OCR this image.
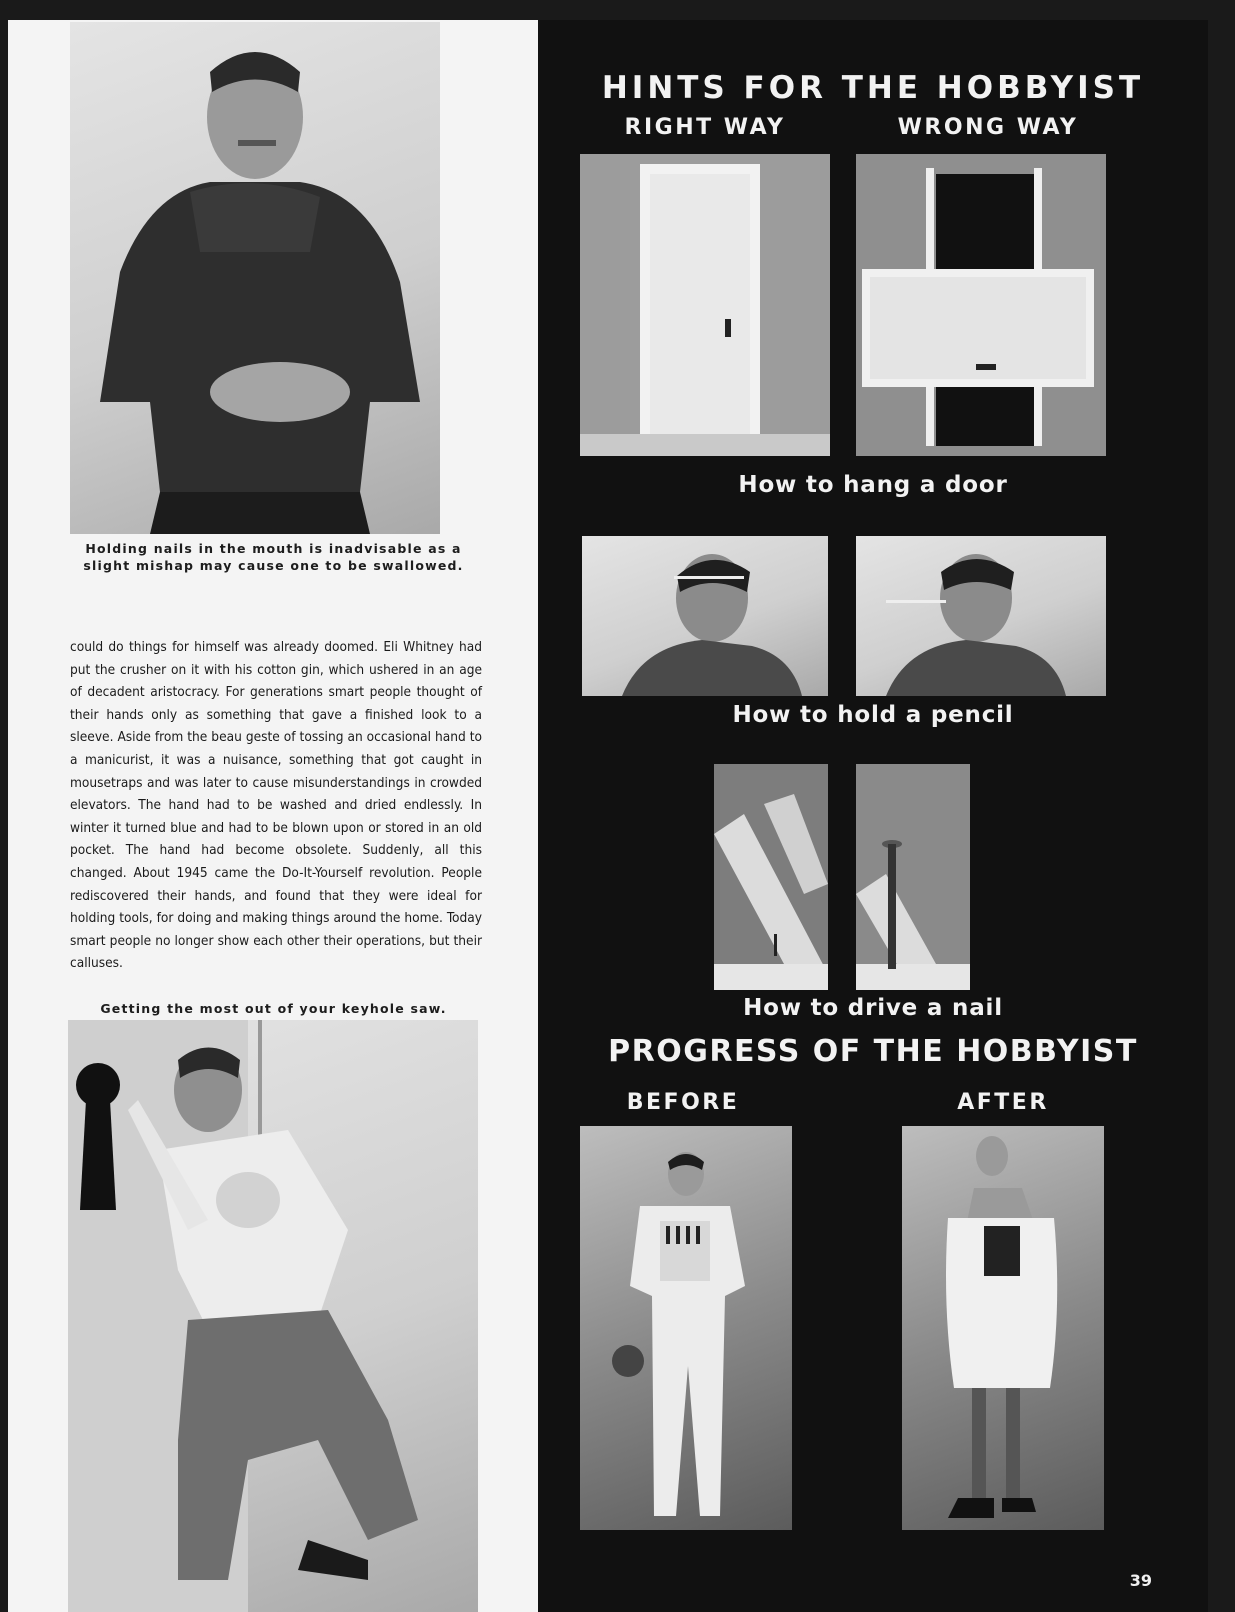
Holding nails in the mouth is inadvisable as a slight mishap may cause one to be swallowed.
could do things for himself was already doomed. Eli Whitney had put the crusher on it with his cotton gin, which ushered in an age of decadent aristocracy. For generations smart people thought of their hands only as something that gave a finished look to a sleeve. Aside from the beau geste of tossing an occasional hand to a manicurist, it was a nuisance, something that got caught in mousetraps and was later to cause misunderstandings in crowded elevators. The hand had to be washed and dried endlessly. In winter it turned blue and had to be blown upon or stored in an old pocket. The hand had become obsolete. Suddenly, all this changed. About 1945 came the Do-It-Yourself revolution. People rediscovered their hands, and found that they were ideal for holding tools, for doing and making things around the home. Today smart people no longer show each other their operations, but their calluses.
Getting the most out of your keyhole saw.
HINTS FOR THE HOBBYIST
RIGHT WAY	WRONG WAY
How to hang a door
How to hold a pencil
How to drive a nail
PROGRESS OF THE HOBBYIST
BEFORE	AFTER
39
